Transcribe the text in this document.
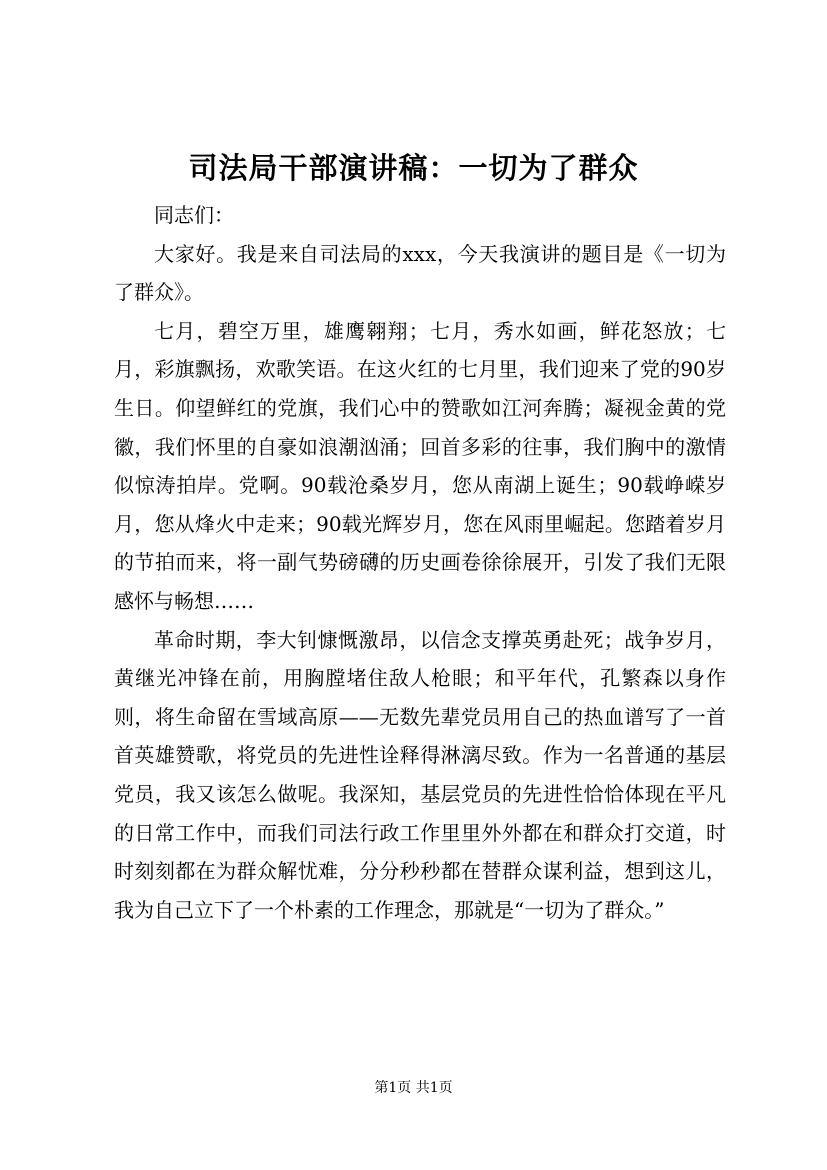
司法局干部演讲稿：一切为了群众

同志们：

大家好。我是来自司法局的xxx，今天我演讲的题目是《一切为了群众》。

七月，碧空万里，雄鹰翱翔；七月，秀水如画，鲜花怒放；七月，彩旗飘扬，欢歌笑语。在这火红的七月里，我们迎来了党的90岁生日。仰望鲜红的党旗，我们心中的赞歌如江河奔腾；凝视金黄的党徽，我们怀里的自豪如浪潮汹涌；回首多彩的往事，我们胸中的激情似惊涛拍岸。党啊。90载沧桑岁月，您从南湖上诞生；90载峥嵘岁月，您从烽火中走来；90载光辉岁月，您在风雨里崛起。您踏着岁月的节拍而来，将一副气势磅礴的历史画卷徐徐展开，引发了我们无限感怀与畅想……

革命时期，李大钊慷慨激昂，以信念支撑英勇赴死；战争岁月，黄继光冲锋在前，用胸膛堵住敌人枪眼；和平年代，孔繁森以身作则，将生命留在雪域高原——无数先辈党员用自己的热血谱写了一首首英雄赞歌，将党员的先进性诠释得淋漓尽致。作为一名普通的基层党员，我又该怎么做呢。我深知，基层党员的先进性恰恰体现在平凡的日常工作中，而我们司法行政工作里里外外都在和群众打交道，时时刻刻都在为群众解忧难，分分秒秒都在替群众谋利益，想到这儿，我为自己立下了一个朴素的工作理念，那就是“一切为了群众。”

第1页 共1页
